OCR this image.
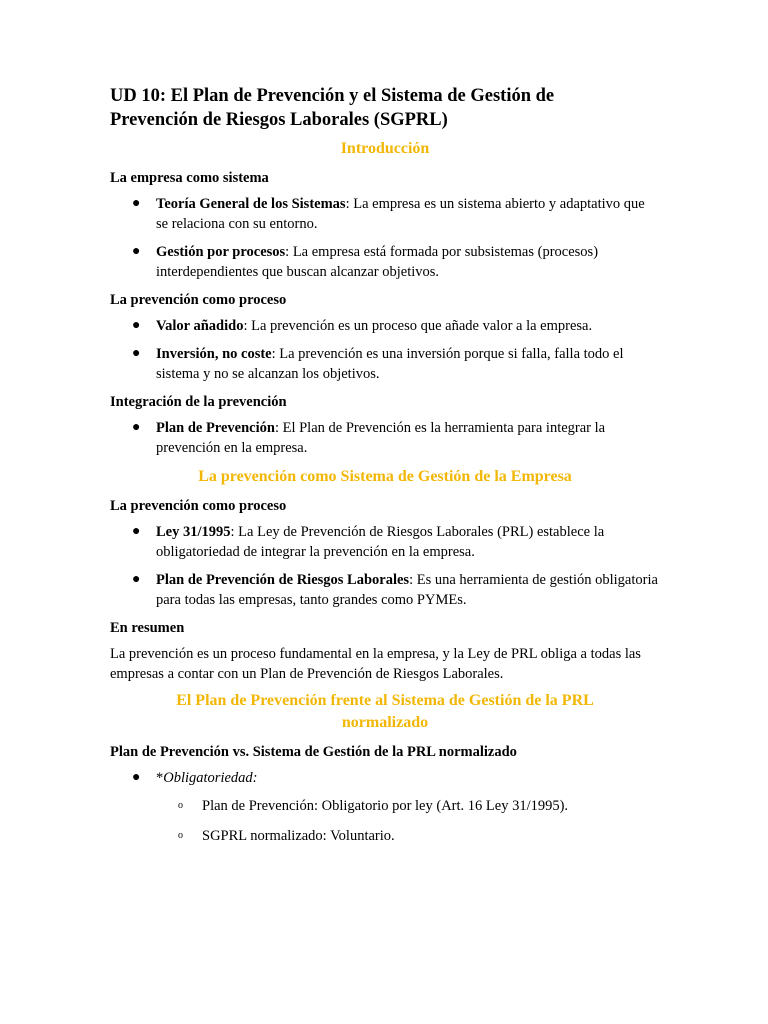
UD 10: El Plan de Prevención y el Sistema de Gestión de
Prevención de Riesgos Laborales (SGPRL)
Introducción
La empresa como sistema
● Teoría General de los Sistemas: La empresa es un sistema abierto y adaptativo que se relaciona con su entorno.
● Gestión por procesos: La empresa está formada por subsistemas (procesos) interdependientes que buscan alcanzar objetivos.
La prevención como proceso
● Valor añadido: La prevención es un proceso que añade valor a la empresa.
● Inversión, no coste: La prevención es una inversión porque si falla, falla todo el sistema y no se alcanzan los objetivos.
Integración de la prevención
● Plan de Prevención: El Plan de Prevención es la herramienta para integrar la prevención en la empresa.
La prevención como Sistema de Gestión de la Empresa
La prevención como proceso
● Ley 31/1995: La Ley de Prevención de Riesgos Laborales (PRL) establece la obligatoriedad de integrar la prevención en la empresa.
● Plan de Prevención de Riesgos Laborales: Es una herramienta de gestión obligatoria para todas las empresas, tanto grandes como PYMEs.
En resumen

La prevención es un proceso fundamental en la empresa, y la Ley de PRL obliga a todas las empresas a contar con un Plan de Prevención de Riesgos Laborales.

El Plan de Prevención frente al Sistema de Gestión de la PRL
normalizado
Plan de Prevención vs. Sistema de Gestión de la PRL normalizado
● *Obligatoriedad:
o Plan de Prevención: Obligatorio por ley (Art. 16 Ley 31/1995).
o SGPRL normalizado: Voluntario.
